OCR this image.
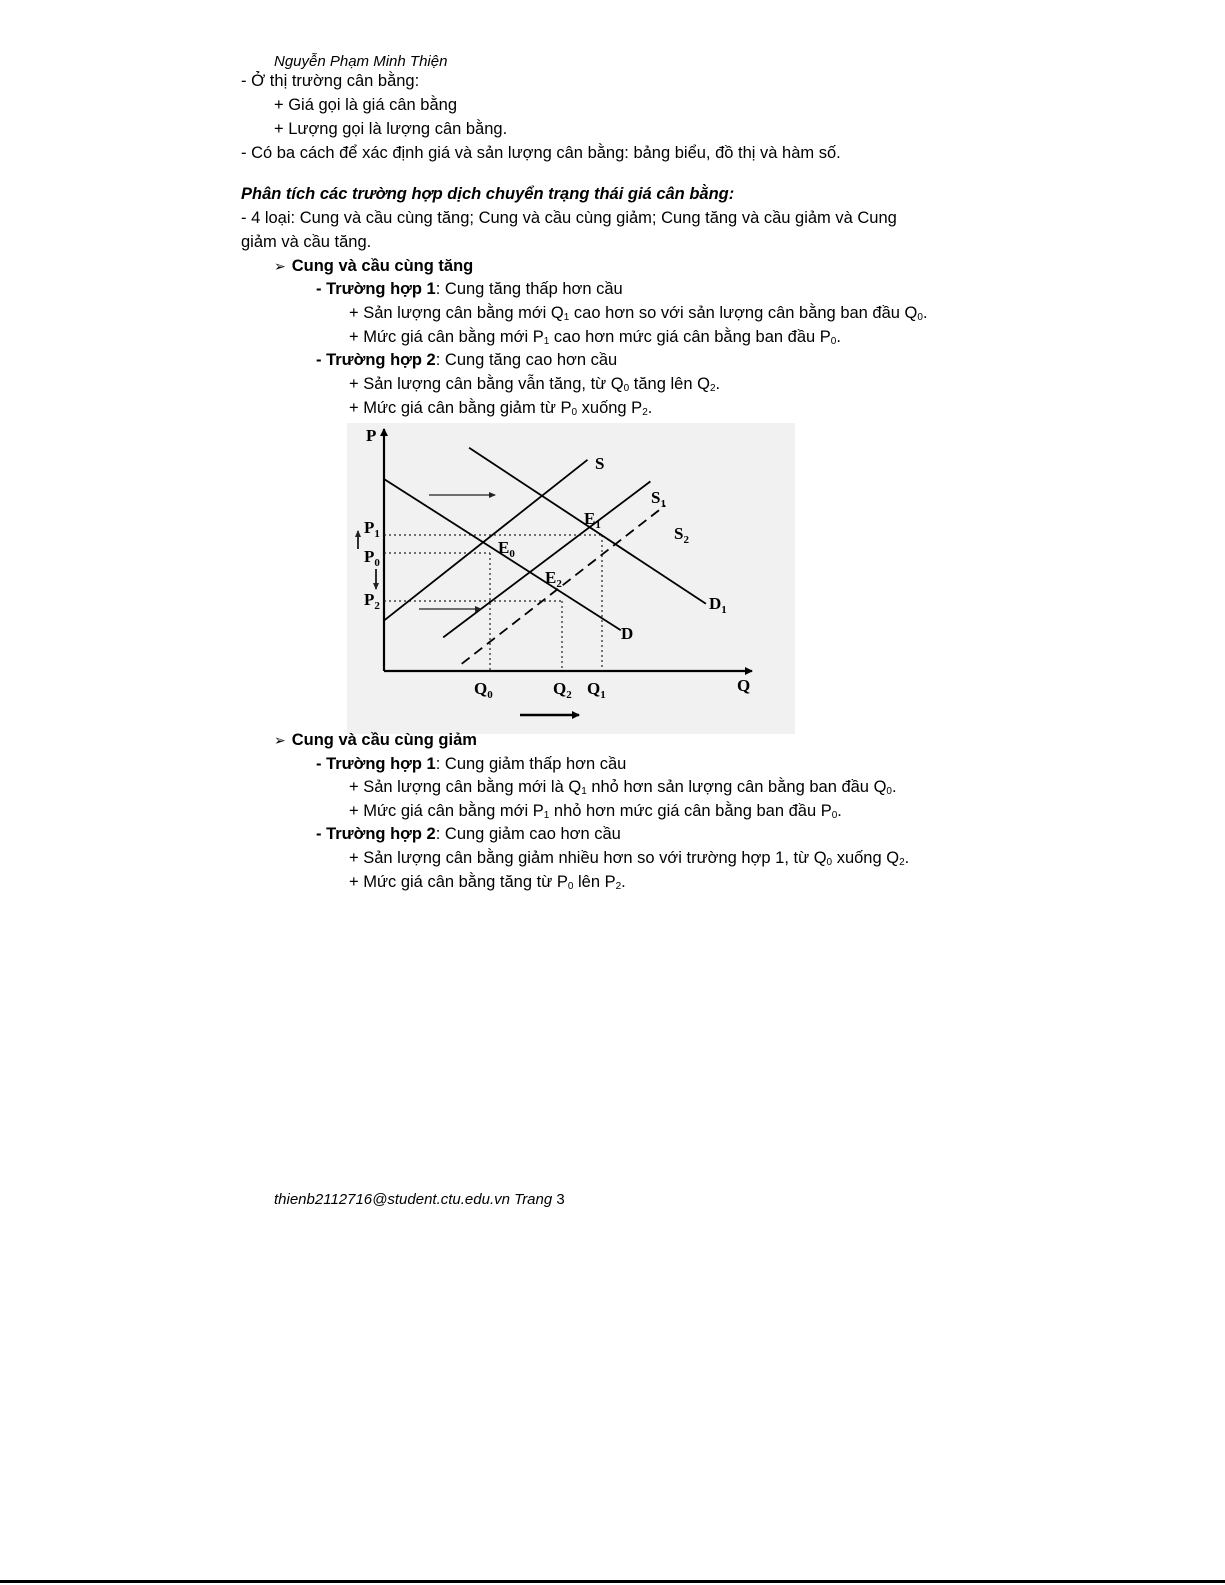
Nguyễn Phạm Minh Thiện

- Ở thị trường cân bằng:

+ Giá gọi là giá cân bằng

+ Lượng gọi là lượng cân bằng.

- Có ba cách để xác định giá và sản lượng cân bằng: bảng biểu, đồ thị và hàm số.

Phân tích các trường hợp dịch chuyển trạng thái giá cân bằng:

- 4 loại: Cung và cầu cùng tăng; Cung và cầu cùng giảm; Cung tăng và cầu giảm và Cung

giảm và cầu tăng.

➢ Cung và cầu cùng tăng

- Trường hợp 1: Cung tăng thấp hơn cầu

+ Sản lượng cân bằng mới $Q_1$ cao hơn so với sản lượng cân bằng ban đầu $Q_0$.

+ Mức giá cân bằng mới $P_1$ cao hơn mức giá cân bằng ban đầu $P_0$.

- Trường hợp 2: Cung tăng cao hơn cầu

+ Sản lượng cân bằng vẫn tăng, từ $Q_0$ tăng lên $Q_2$.

+ Mức giá cân bằng giảm từ $P_0$ xuống $P_2$.

P
Q
$P_1$
$P_0$
$P_2$
$Q_0$	$Q_2$ $Q_1$
S
$S_1$
$S_2$
D
$D_1$
$E_0$
$E_1$
$E_2$

➢ Cung và cầu cùng giảm

- Trường hợp 1: Cung giảm thấp hơn cầu

+ Sản lượng cân bằng mới là $Q_1$ nhỏ hơn sản lượng cân bằng ban đầu $Q_0$.

+ Mức giá cân bằng mới $P_1$ nhỏ hơn mức giá cân bằng ban đầu $P_0$.

- Trường hợp 2: Cung giảm cao hơn cầu

+ Sản lượng cân bằng giảm nhiều hơn so với trường hợp 1, từ $Q_0$ xuống $Q_2$.

+ Mức giá cân bằng tăng từ $P_0$ lên $P_2$.

thienb2112716@student.ctu.edu.vn Trang 3
